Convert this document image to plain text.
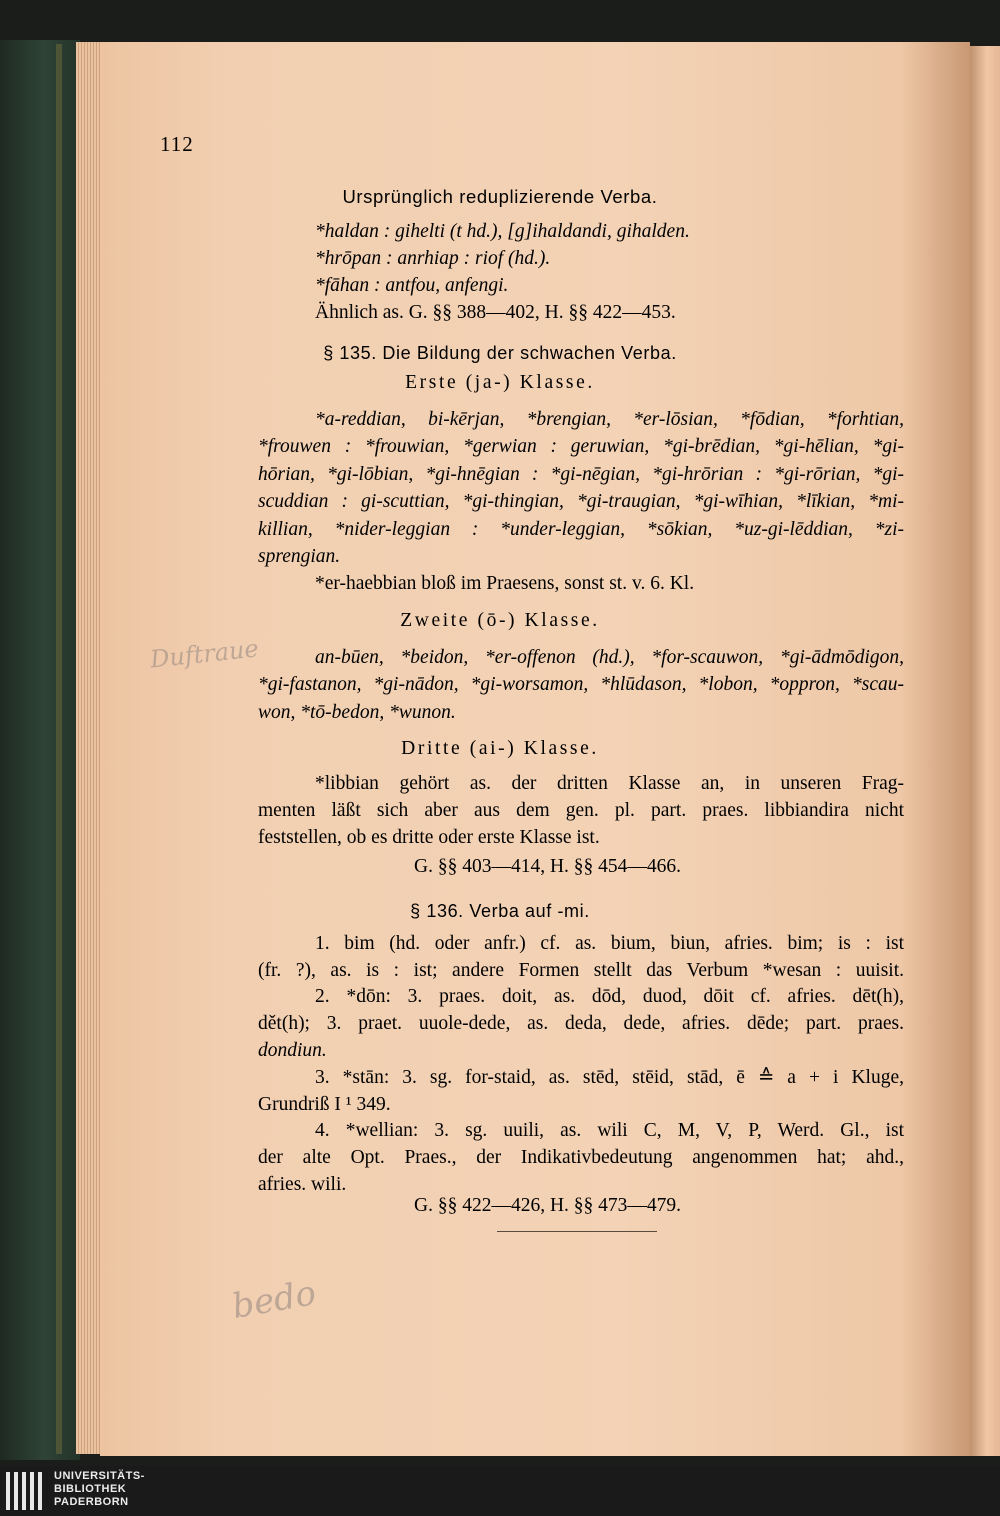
112
Ursprünglich reduplizierende Verba.
*haldan : gihelti (t hd.), [g]ihaldandi, gihalden.
*hrōpan : anrhiap : riof (hd.).
*fāhan : antfou, anfengi.
Ähnlich as. G. §§ 388—402, H. §§ 422—453.
§ 135. Die Bildung der schwachen Verba.
Erste (ja-) Klasse.
*a-reddian, bi-kērjan, *brengian, *er-lōsian, *fōdian, *forhtian,
*frouwen : *frouwian, *gerwian : geruwian, *gi-brēdian, *gi-hēlian, *gi-
hōrian, *gi-lōbian, *gi-hnēgian : *gi-nēgian, *gi-hrōrian : *gi-rōrian, *gi-
scuddian : gi-scuttian, *gi-thingian, *gi-traugian, *gi-wīhian, *līkian, *mi-
killian, *nider-leggian : *under-leggian, *sōkian, *uz-gi-lēddian, *zi-
sprengian.
*er-haebbian bloß im Praesens, sonst st. v. 6. Kl.
Zweite (ō-) Klasse.
an-būen, *beidon, *er-offenon (hd.), *for-scauwon, *gi-ādmōdigon,
*gi-fastanon, *gi-nādon, *gi-worsamon, *hlūdason, *lobon, *oppron, *scau-
won, *tō-bedon, *wunon.
Dritte (ai-) Klasse.
*libbian gehört as. der dritten Klasse an, in unseren Frag-
menten läßt sich aber aus dem gen. pl. part. praes. libbiandira nicht
feststellen, ob es dritte oder erste Klasse ist.
G. §§ 403—414, H. §§ 454—466.
§ 136. Verba auf -mi.
1. bim (hd. oder anfr.) cf. as. bium, biun, afries. bim; is : ist
(fr. ?), as. is : ist; andere Formen stellt das Verbum *wesan : uuisit.
2. *dōn: 3. praes. doit, as. dōd, duod, dōit cf. afries. dēt(h),
dět(h); 3. praet. uuole-dede, as. deda, dede, afries. dēde; part. praes.
dondiun.
3. *stān: 3. sg. for-staid, as. stēd, stēid, stād, ē ≙ a + i Kluge,
Grundriß I ¹ 349.
4. *wellian: 3. sg. uuili, as. wili C, M, V, P, Werd. Gl., ist
der alte Opt. Praes., der Indikativbedeutung angenommen hat; ahd.,
afries. wili.
G. §§ 422—426, H. §§ 473—479.
Duftraue
bedo
UNIVERSITÄTS-
BIBLIOTHEK
PADERBORN
